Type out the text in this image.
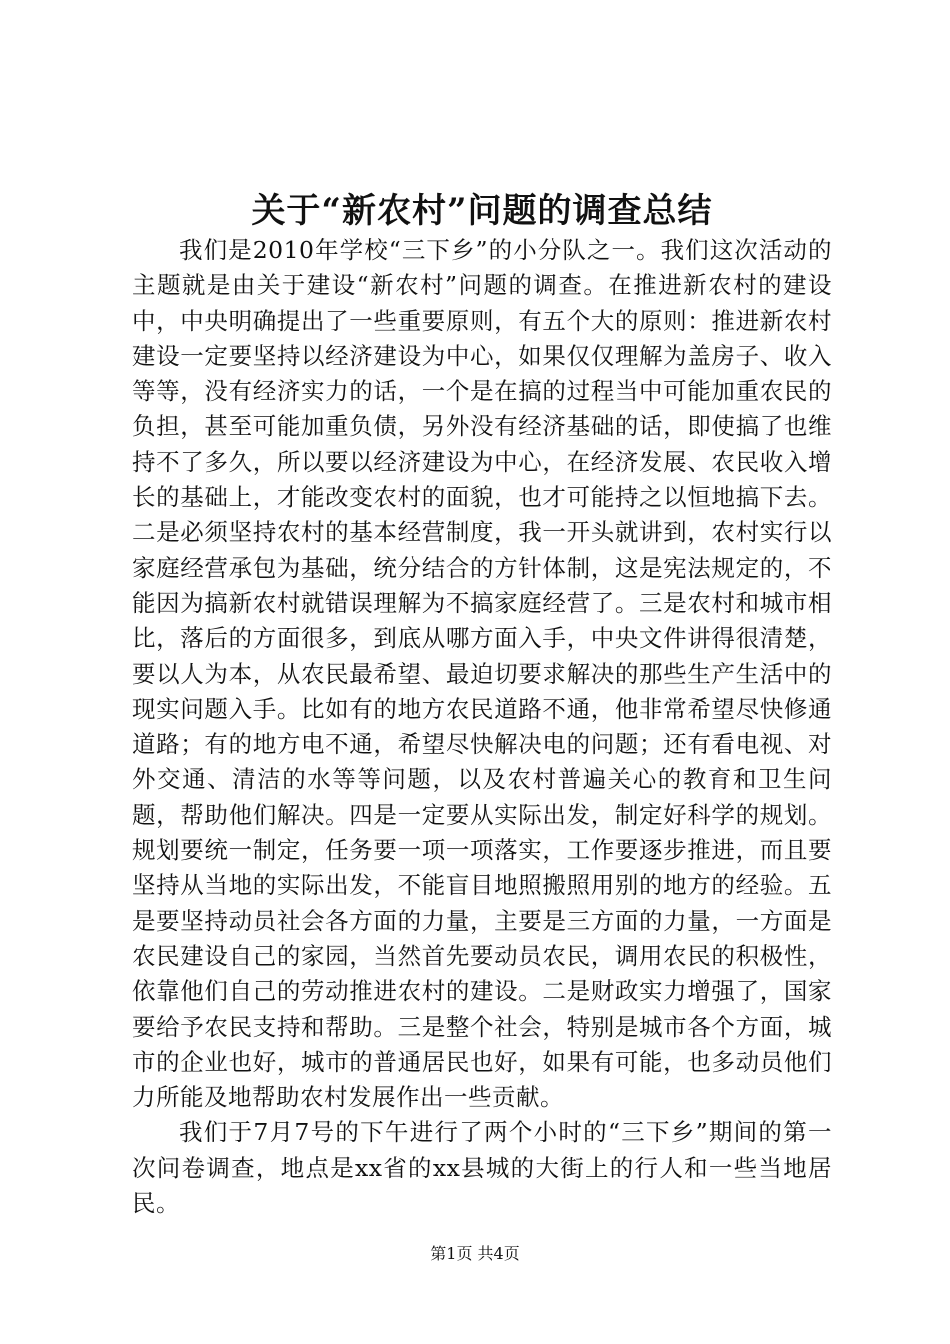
关于“新农村”问题的调查总结

我们是2010年学校“三下乡”的小分队之一。我们这次活动的主题就是由关于建设“新农村”问题的调查。在推进新农村的建设中，中央明确提出了一些重要原则，有五个大的原则：推进新农村建设一定要坚持以经济建设为中心，如果仅仅理解为盖房子、收入等等，没有经济实力的话，一个是在搞的过程当中可能加重农民的负担，甚至可能加重负债，另外没有经济基础的话，即使搞了也维持不了多久，所以要以经济建设为中心，在经济发展、农民收入增长的基础上，才能改变农村的面貌，也才可能持之以恒地搞下去。二是必须坚持农村的基本经营制度，我一开头就讲到，农村实行以家庭经营承包为基础，统分结合的方针体制，这是宪法规定的，不能因为搞新农村就错误理解为不搞家庭经营了。三是农村和城市相比，落后的方面很多，到底从哪方面入手，中央文件讲得很清楚，要以人为本，从农民最希望、最迫切要求解决的那些生产生活中的现实问题入手。比如有的地方农民道路不通，他非常希望尽快修通道路；有的地方电不通，希望尽快解决电的问题；还有看电视、对外交通、清洁的水等等问题，以及农村普遍关心的教育和卫生问题，帮助他们解决。四是一定要从实际出发，制定好科学的规划。规划要统一制定，任务要一项一项落实，工作要逐步推进，而且要坚持从当地的实际出发，不能盲目地照搬照用别的地方的经验。五是要坚持动员社会各方面的力量，主要是三方面的力量，一方面是农民建设自己的家园，当然首先要动员农民，调用农民的积极性，依靠他们自己的劳动推进农村的建设。二是财政实力增强了，国家要给予农民支持和帮助。三是整个社会，特别是城市各个方面，城市的企业也好，城市的普通居民也好，如果有可能，也多动员他们力所能及地帮助农村发展作出一些贡献。

我们于7月7号的下午进行了两个小时的“三下乡”期间的第一次问卷调查，地点是xx省的xx县城的大街上的行人和一些当地居民。

第1页 共4页
